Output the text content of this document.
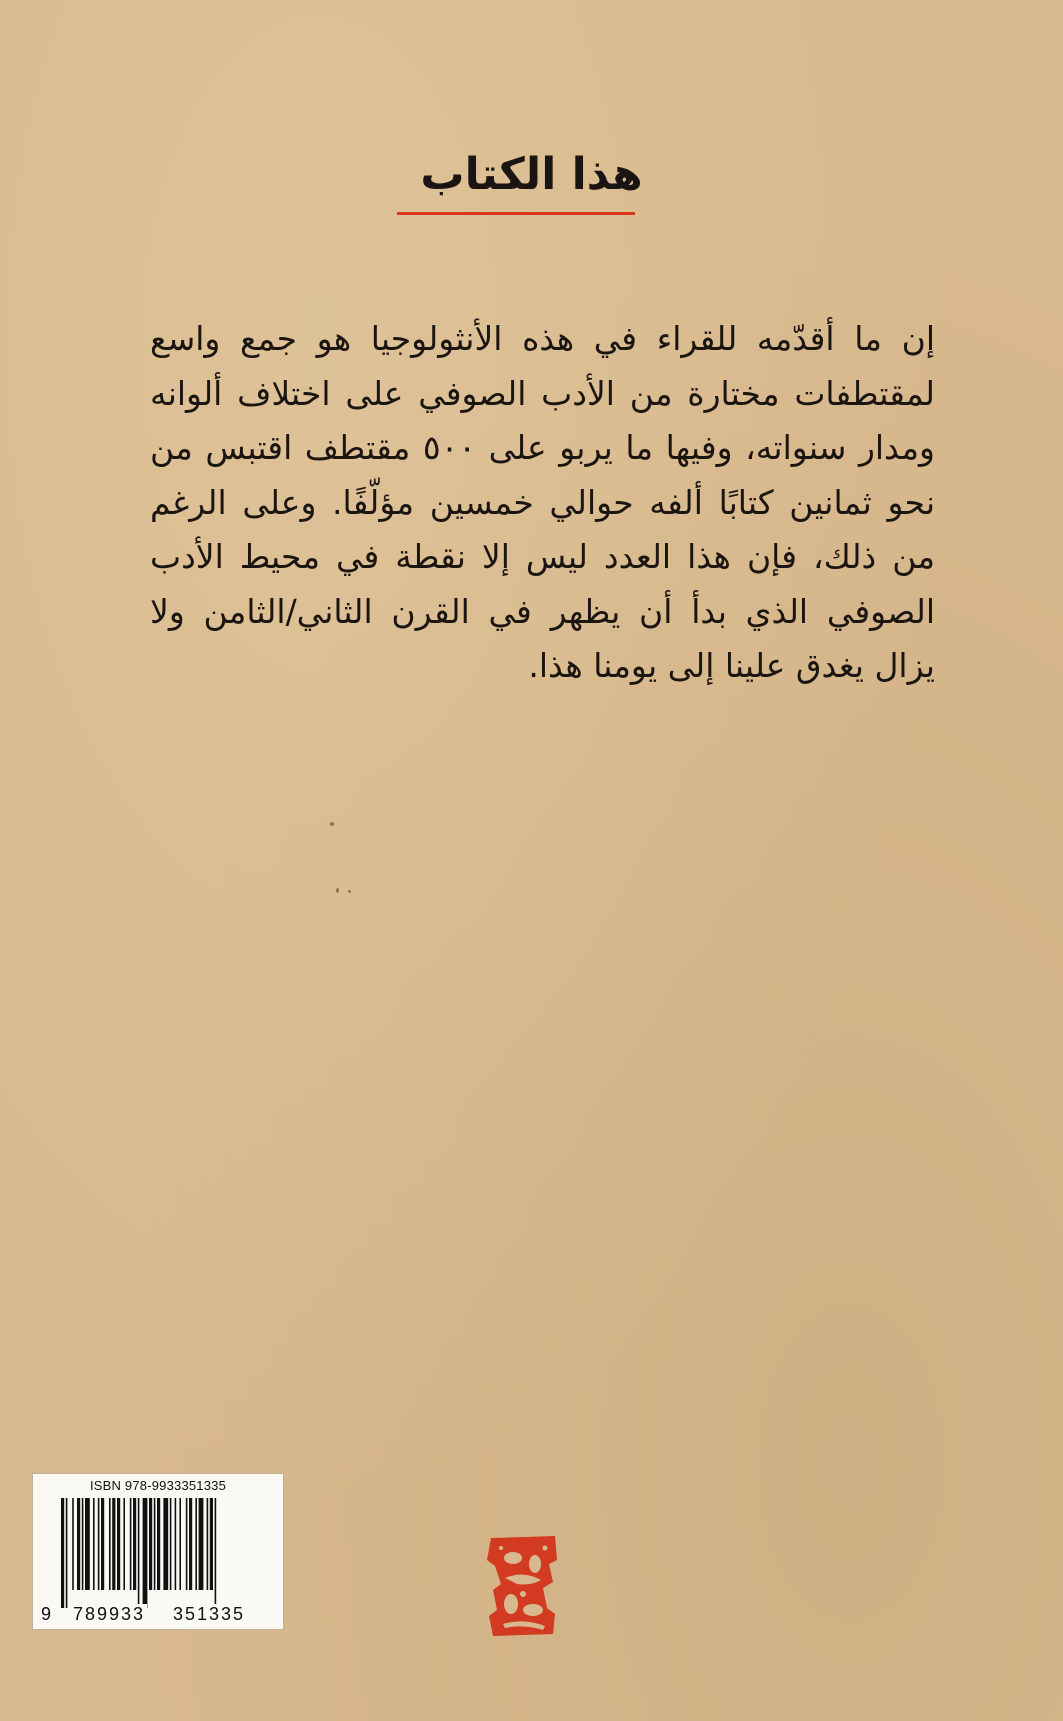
هذا الكتاب
إن ما أقدّمه للقراء في هذه الأنثولوجيا هو جمع واسع لمقتطفات مختارة من الأدب الصوفي على اختلاف ألوانه ومدار سنواته، وفيها ما يربو على ٥٠٠ مقتطف اقتبس من نحو ثمانين كتابًا ألفه حوالي خمسين مؤلّفًا. وعلى الرغم من ذلك، فإن هذا العدد ليس إلا نقطة في محيط الأدب الصوفي الذي بدأ أن يظهر في القرن الثاني/الثامن ولا يزال يغدق علينا إلى يومنا هذا.
ISBN 978-9933351335
9 789933 351335
